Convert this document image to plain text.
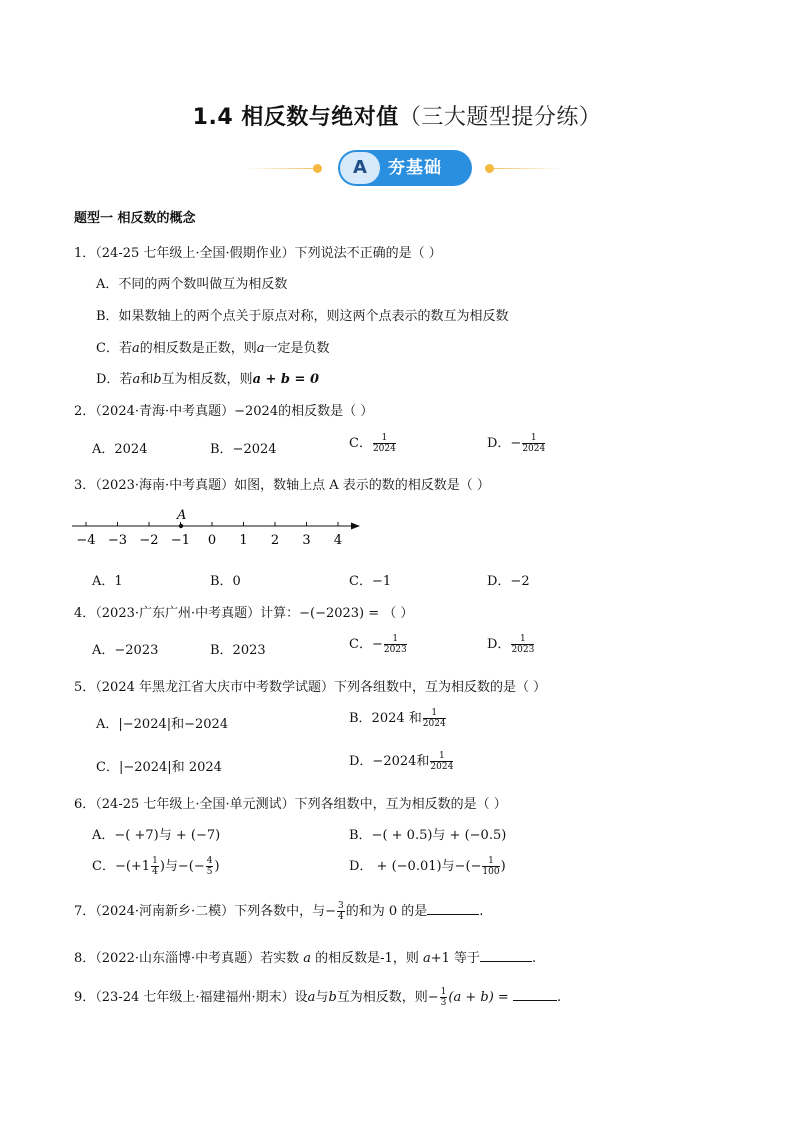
1.4 相反数与绝对值（三大题型提分练）
A	夯基础
题型一 相反数的概念
1．（24-25 七年级上·全国·假期作业）下列说法不正确的是（ ）
A．不同的两个数叫做互为相反数
B．如果数轴上的两个点关于原点对称，则这两个点表示的数互为相反数
C．若a的相反数是正数，则a一定是负数
D．若a和b互为相反数，则a + b = 0
2．（2024·青海·中考真题）−2024的相反数是（ ）
A．2024	B．−2024	C． $\frac{1}{2024}$	D．− $\frac{1}{2024}$
3．（2023·海南·中考真题）如图，数轴上点 A 表示的数的相反数是（ ）
−4 −3 −2 −1 0 1 2 3 4
A
A．1	B．0	C．−1	D．−2
4．（2023·广东广州·中考真题）计算：−(−2023) = （ ）
A．−2023	B．2023	C．− $\frac{1}{2023}$	D． $\frac{1}{2023}$
5．（2024 年黑龙江省大庆市中考数学试题）下列各组数中，互为相反数的是（ ）
A．|−2024|和−2024	B．2024 和 $\frac{1}{2024}$
C．|−2024|和 2024	D．−2024和 $\frac{1}{2024}$
6．（24-25 七年级上·全国·单元测试）下列各组数中，互为相反数的是（ ）
A．−( +7)与 + (−7)	B．−( + 0.5)与 + (−0.5)
C．$-(+1 \frac{1}{4}$ )与−(− $\frac{4}{5}$ )	D． + (−0.01)与−(− $\frac{1}{100}$ )
7．（2024·河南新乡·二模）下列各数中，与− $\frac{3}{4}$ 的和为 0 的是	.
8．（2022·山东淄博·中考真题）若实数 a 的相反数是-1，则 a+1 等于	.
9．（23-24 七年级上·福建福州·期末）设a与b互为相反数，则− $\frac{1}{3} (a + b)$ =	.
